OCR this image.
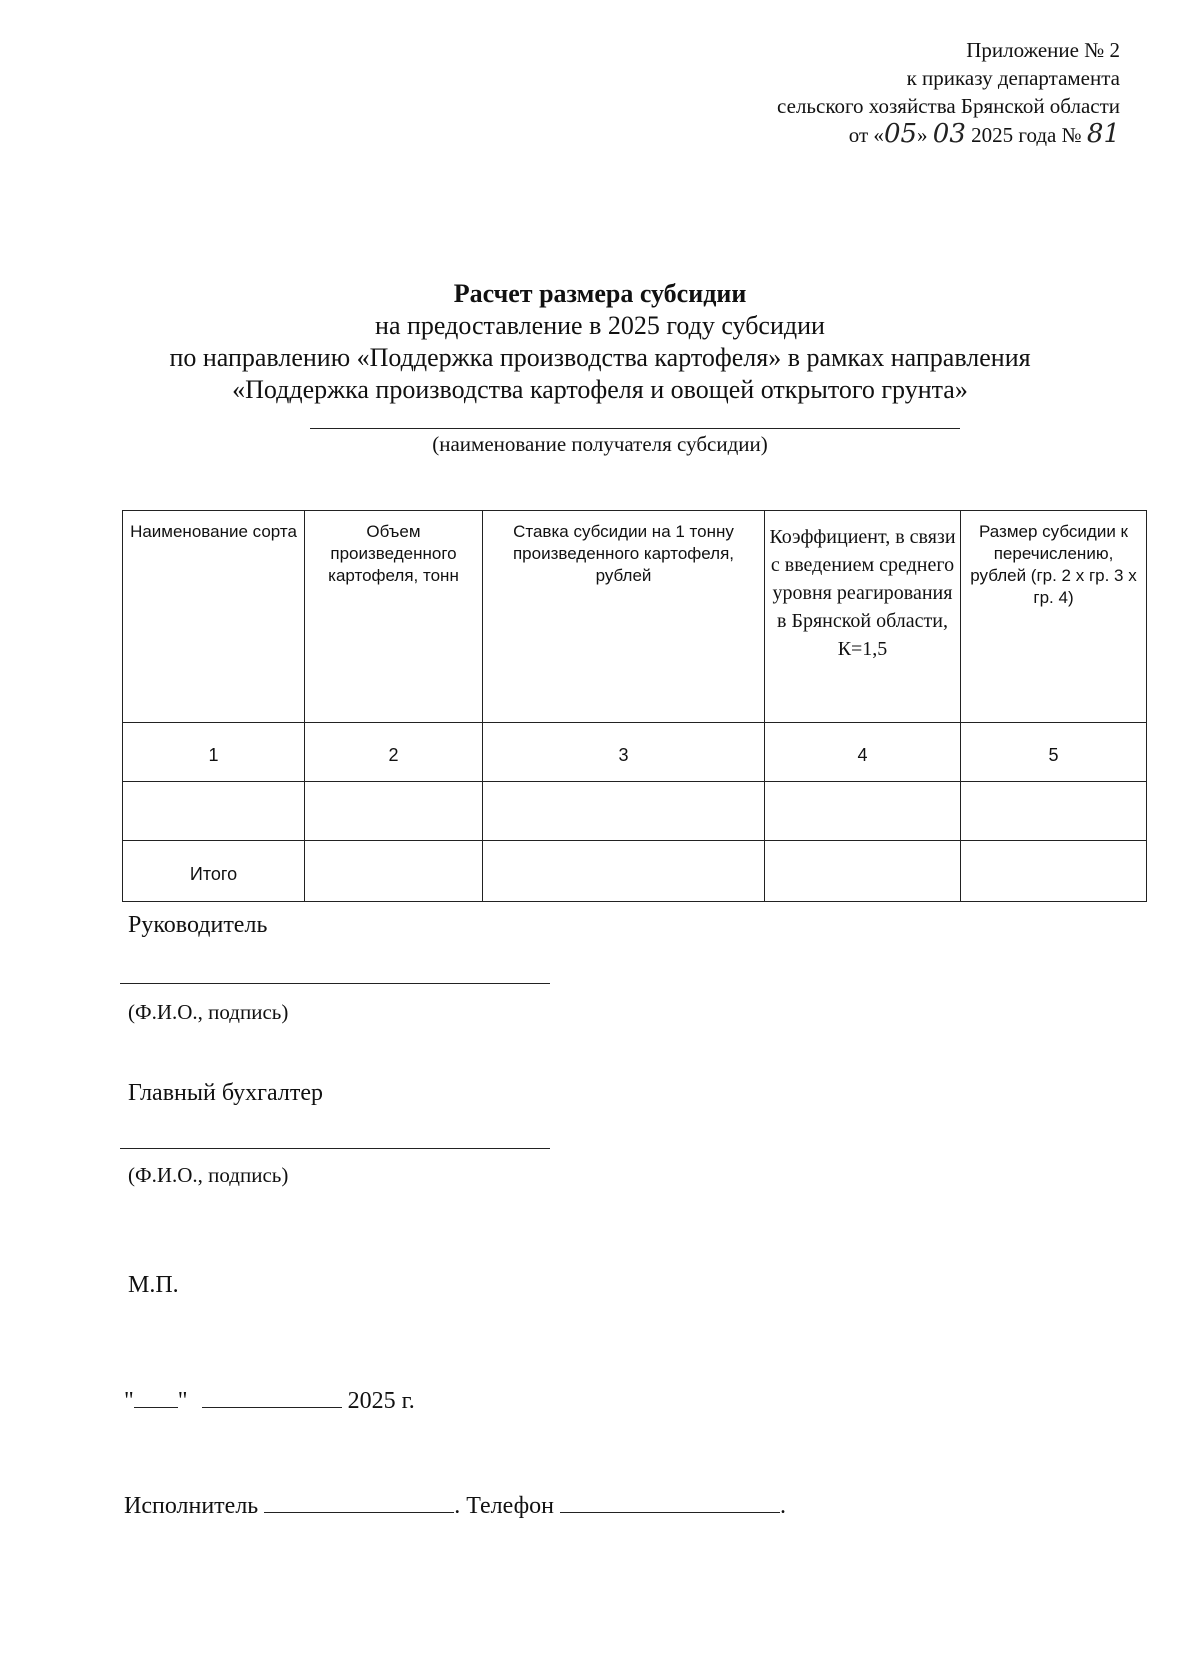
Приложение № 2
к приказу департамента
сельского хозяйства Брянской области
от «05» 03 2025 года № 81
Расчет размера субсидии
на предоставление в 2025 году субсидии
по направлению «Поддержка производства картофеля» в рамках направления
«Поддержка производства картофеля и овощей открытого грунта»
(наименование получателя субсидии)
Наименование сорта	Объем произведенного картофеля, тонн	Ставка субсидии на 1 тонну произведенного картофеля, рублей	Коэффициент, в связи с введением среднего уровня реагирования в Брянской области, К=1,5	Размер субсидии к перечислению, рублей (гр. 2 х гр. 3 х гр. 4)
1	2	3	4	5

Итого				
Руководитель
(Ф.И.О., подпись)
Главный бухгалтер
(Ф.И.О., подпись)
М.П.
" "	2025 г.
Исполнитель	. Телефон	.
